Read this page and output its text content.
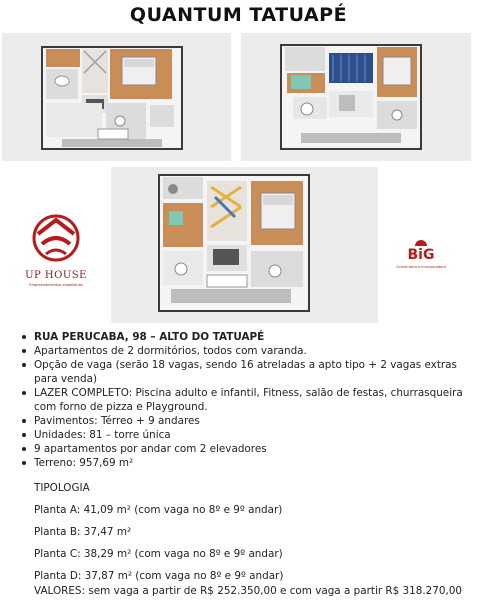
QUANTUM TATUAPÉ
UP HOUSE
Empreendimentos Imobiliários
BiG
Construtora e Incorporadora
RUA PERUCABA, 98 – ALTO DO TATUAPÉ
Apartamentos de 2 dormitórios, todos com varanda.
Opção de vaga (serão 18 vagas, sendo 16 atreladas a apto tipo + 2 vagas extras para venda)
LAZER COMPLETO: Piscina adulto e infantil, Fitness, salão de festas, churrasqueira com forno de pizza e Playground.
Pavimentos: Térreo + 9 andares
Unidades: 81 – torre única
9 apartamentos por andar com 2 elevadores
Terreno: 957,69 m²
TIPOLOGIA
Planta A: 41,09 m² (com vaga no 8º e 9º andar)
Planta B: 37,47 m²
Planta C: 38,29 m² (com vaga no 8º e 9º andar)
Planta D: 37,87 m² (com vaga no 8º e 9º andar)
VALORES: sem vaga a partir de R$ 252.350,00 e com vaga a partir R$ 318.270,00
